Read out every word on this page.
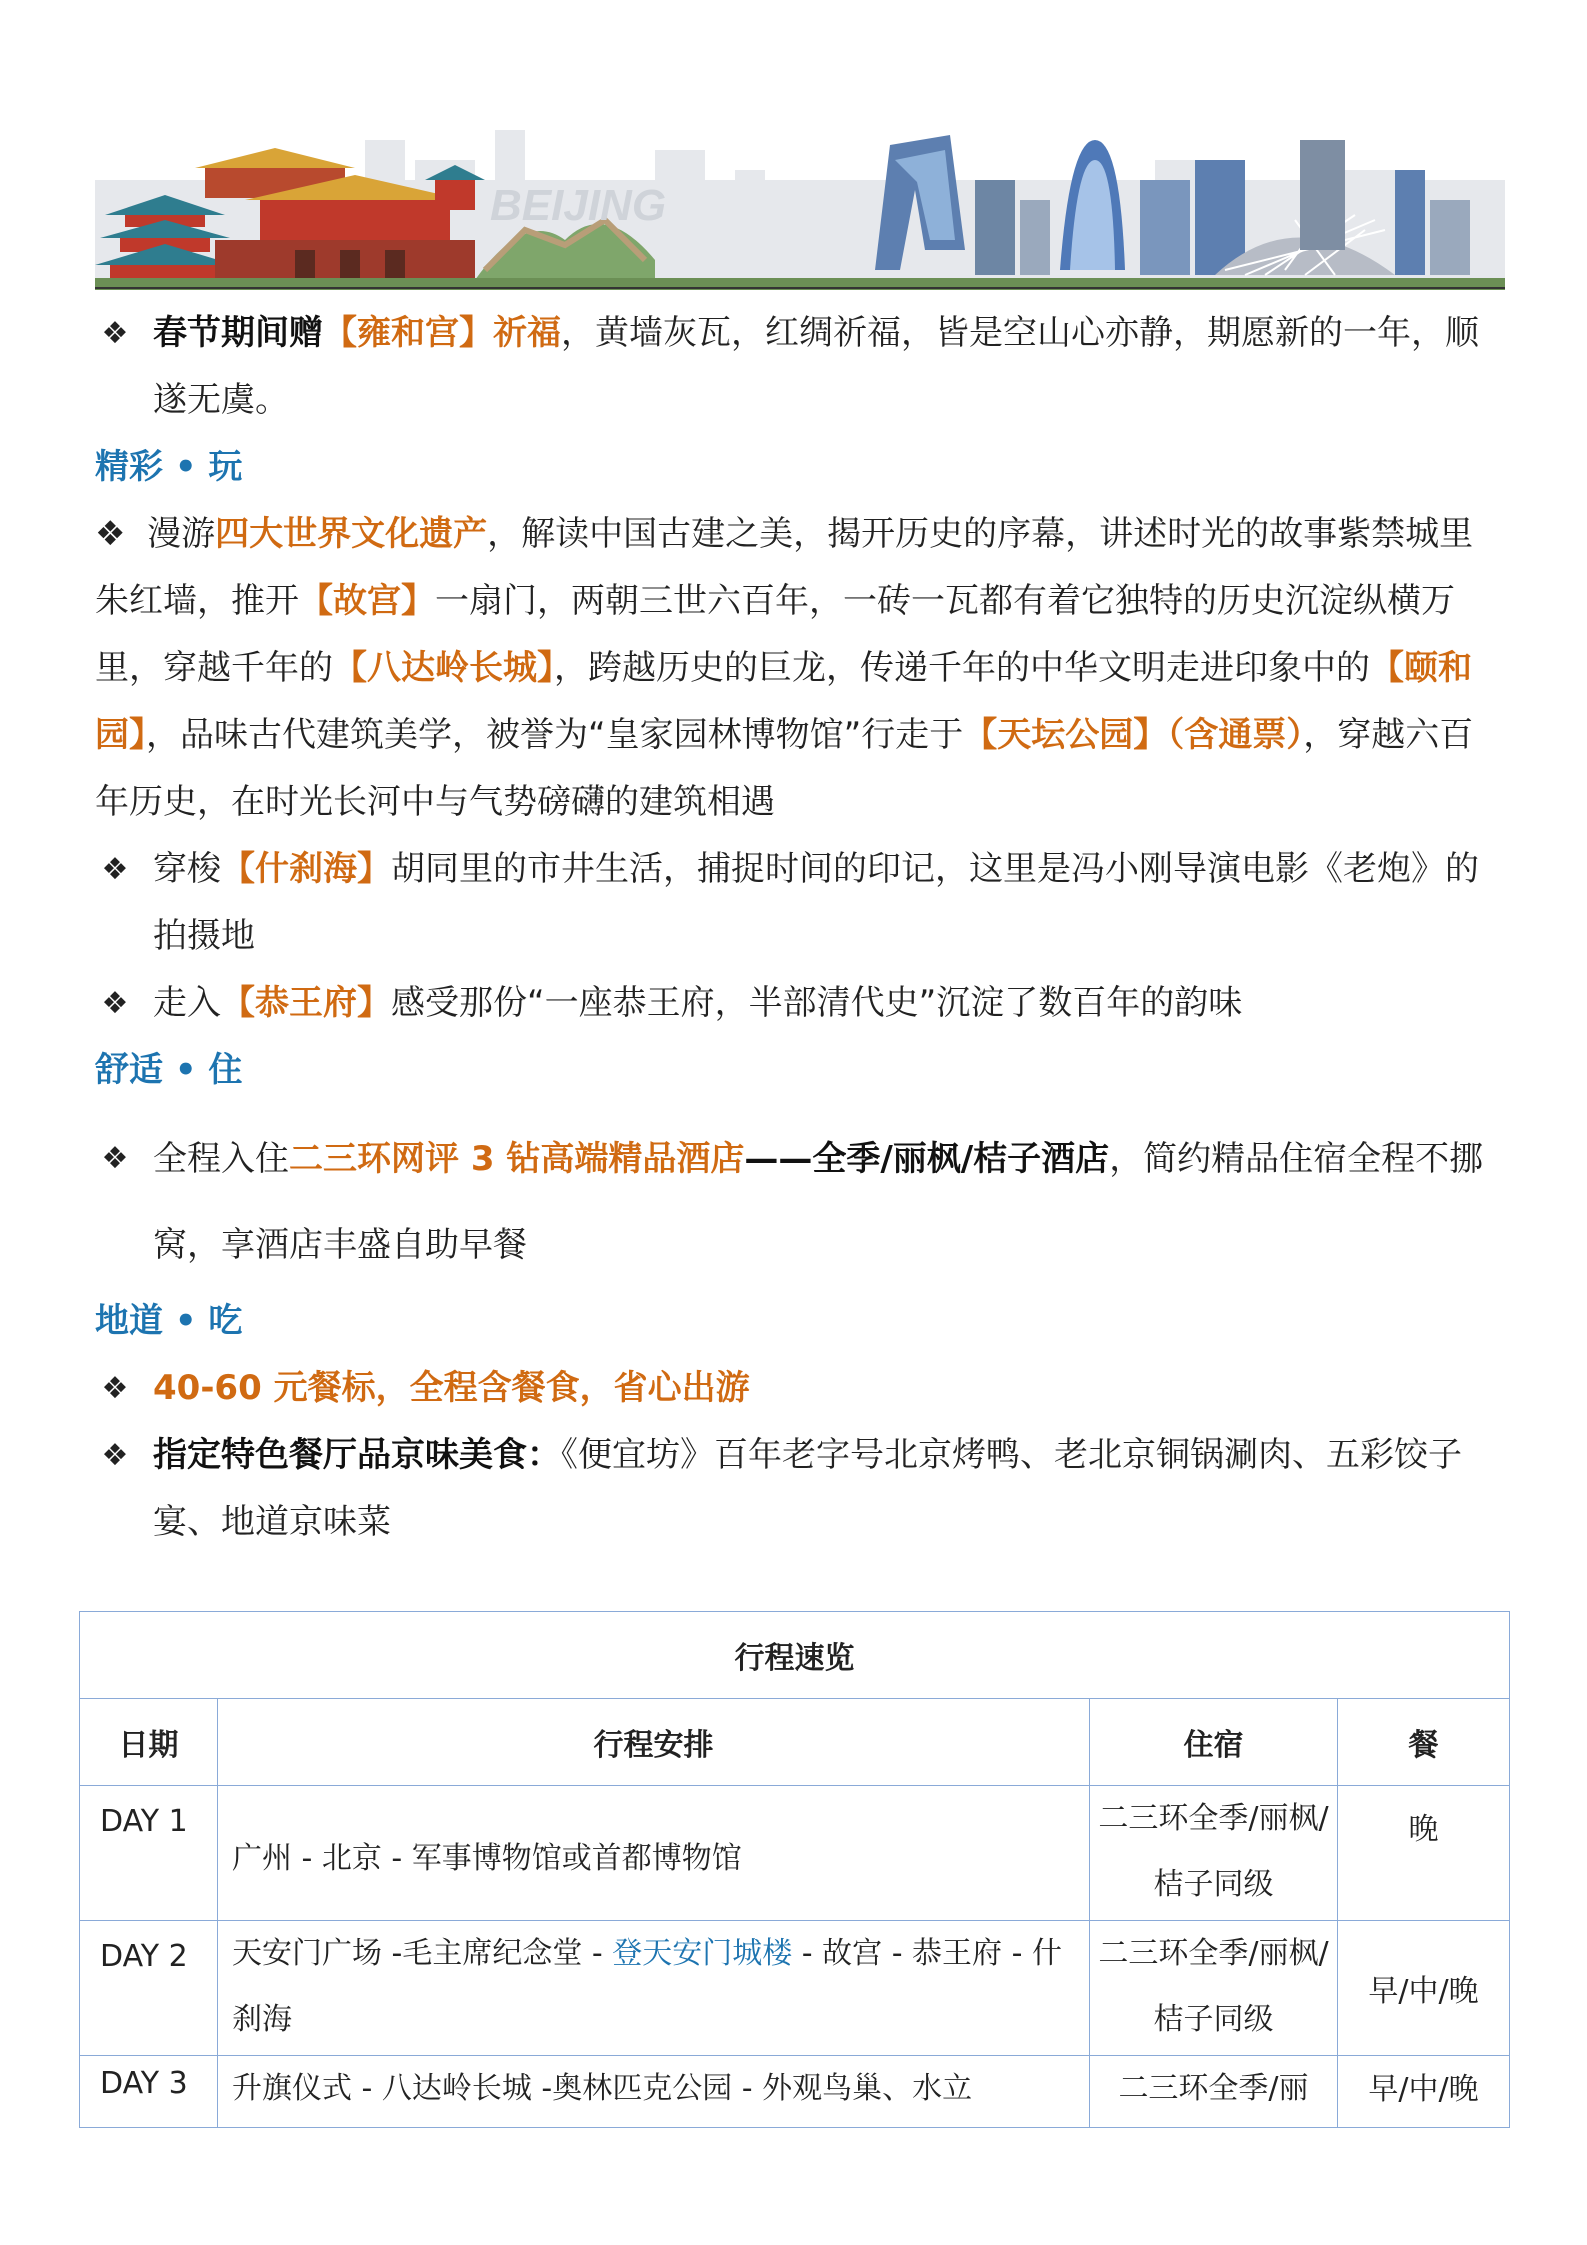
BEIJING
❖ 春节期间赠【雍和宫】祈福，黄墙灰瓦，红绸祈福，皆是空山心亦静，期愿新的一年，顺遂无虞。
精彩 • 玩
❖  漫游四大世界文化遗产，解读中国古建之美，揭开历史的序幕，讲述时光的故事紫禁城里朱红墙，推开【故宫】一扇门，两朝三世六百年，一砖一瓦都有着它独特的历史沉淀纵横万里，穿越千年的【八达岭长城】，跨越历史的巨龙，传递千年的中华文明走进印象中的【颐和园】，品味古代建筑美学，被誉为“皇家园林博物馆”行走于【天坛公园】（含通票），穿越六百年历史，在时光长河中与气势磅礴的建筑相遇
❖ 穿梭【什刹海】胡同里的市井生活，捕捉时间的印记，这里是冯小刚导演电影《老炮》的拍摄地
❖ 走入【恭王府】感受那份“一座恭王府，半部清代史”沉淀了数百年的韵味
舒适 • 住
❖ 全程入住二三环网评 3 钻高端精品酒店——全季/丽枫/桔子酒店，简约精品住宿全程不挪窝，享酒店丰盛自助早餐
地道 • 吃
❖ 40-60 元餐标，全程含餐食，省心出游
❖ 指定特色餐厅品京味美食：《便宜坊》百年老字号北京烤鸭、老北京铜锅涮肉、五彩饺子宴、地道京味菜
行程速览			
日期	行程安排	住宿	餐
DAY 1	广州 - 北京 - 军事博物馆或首都博物馆	二三环全季/丽枫/桔子同级	晚
DAY 2	天安门广场 -毛主席纪念堂 - 登天安门城楼 - 故宫 - 恭王府 - 什刹海	二三环全季/丽枫/桔子同级	早/中/晚
DAY 3	升旗仪式 - 八达岭长城 -奥林匹克公园 - 外观鸟巢、水立	二三环全季/丽	早/中/晚
